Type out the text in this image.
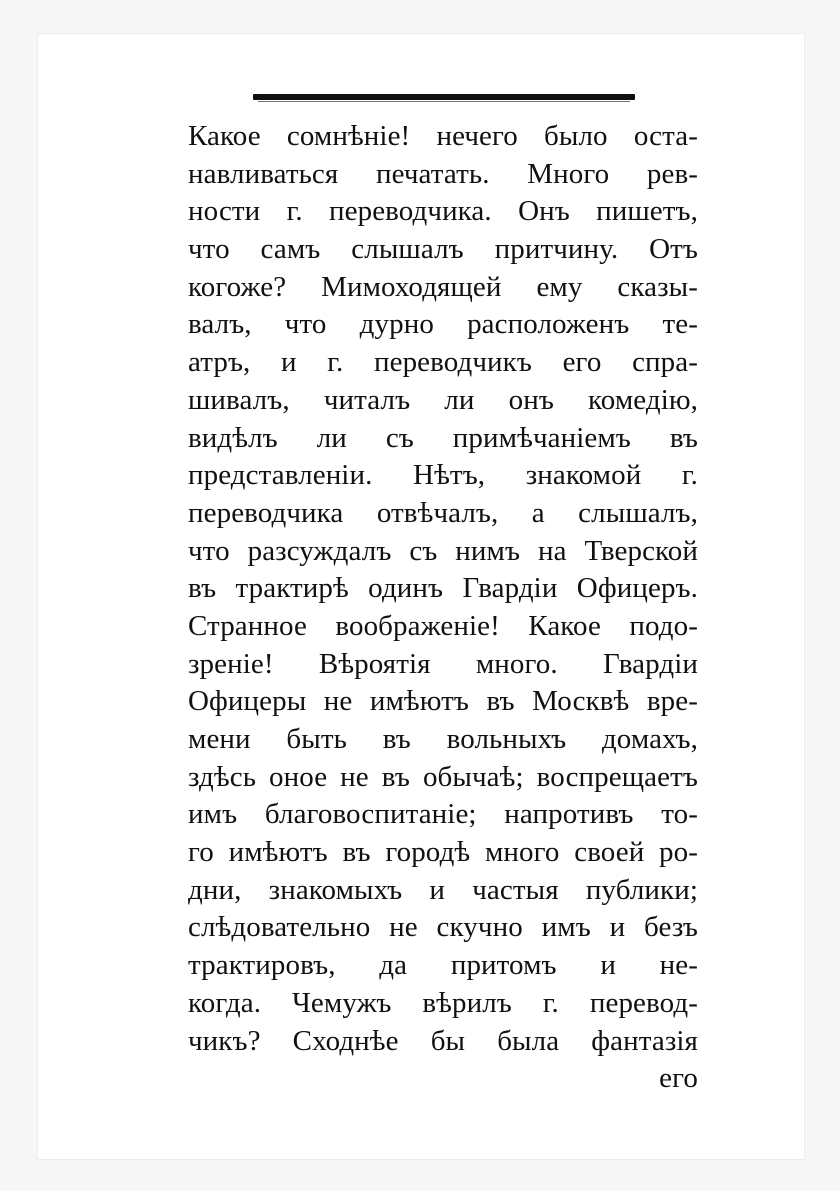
Какое сомнѣніе! нечего было оста-
навливаться печатать. Много рев-
ности г. переводчика. Онъ пишетъ,
что самъ слышалъ притчину. Отъ
когоже? Мимоходящей ему сказы-
валъ, что дурно расположенъ те-
атръ, и г. переводчикъ его спра-
шивалъ, читалъ ли онъ комедію,
видѣлъ ли съ примѣчаніемъ въ
представленіи. Нѣтъ, знакомой г.
переводчика отвѣчалъ, а слышалъ,
что разсуждалъ съ нимъ на Тверской
въ трактирѣ одинъ Гвардіи Офицеръ.
Странное воображеніе! Какое подо-
зреніе! Вѣроятія много. Гвардіи
Офицеры не имѣютъ въ Москвѣ вре-
мени быть въ вольныхъ домахъ,
здѣсь оное не въ обычаѣ; воспрещаетъ
имъ благовоспитаніе; напротивъ то-
го имѣютъ въ городѣ много своей ро-
дни, знакомыхъ и частыя публики;
слѣдовательно не скучно имъ и безъ
трактировъ, да притомъ и не-
когда. Чемужъ вѣрилъ г. перевод-
чикъ? Сходнѣе бы была фантазія
его
